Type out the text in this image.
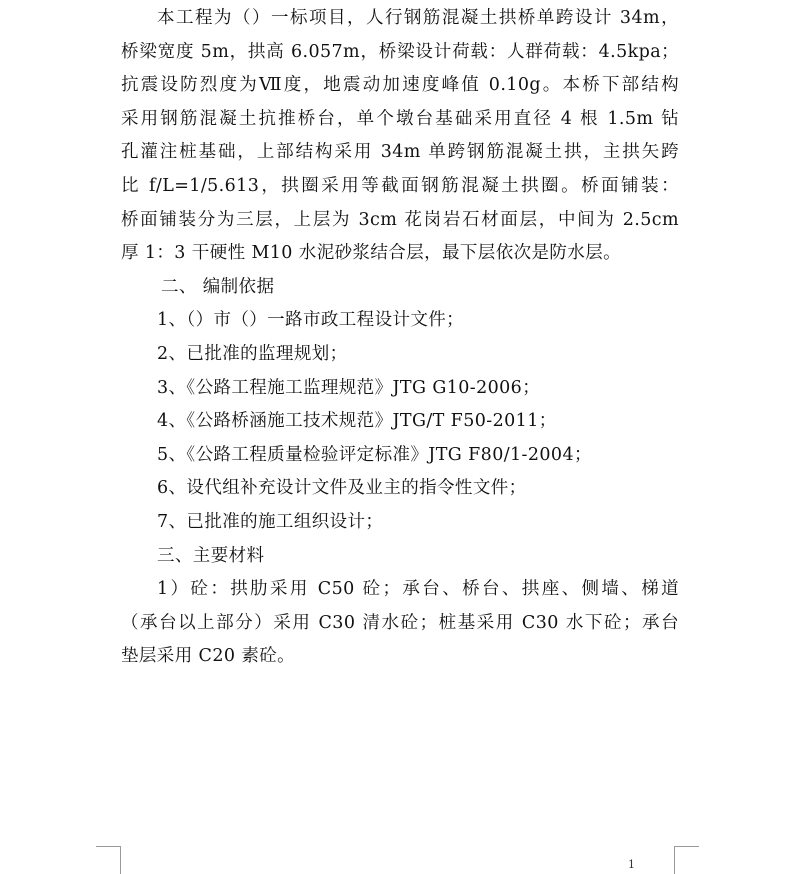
本工程为（）一标项目，人行钢筋混凝土拱桥单跨设计 34m，
桥梁宽度 5m，拱高 6.057m，桥梁设计荷载：人群荷载：4.5kpa；
抗震设防烈度为Ⅶ度，地震动加速度峰值 0.10g。本桥下部结构
采用钢筋混凝土抗推桥台，单个墩台基础采用直径 4 根 1.5m 钻
孔灌注桩基础，上部结构采用 34m 单跨钢筋混凝土拱，主拱矢跨
比 f/L=1/5.613，拱圈采用等截面钢筋混凝土拱圈。桥面铺装：
桥面铺装分为三层，上层为 3cm 花岗岩石材面层，中间为 2.5cm
厚 1：3 干硬性 M10 水泥砂浆结合层，最下层依次是防水层。
二、 编制依据
1、（）市（）一路市政工程设计文件；
2、已批准的监理规划；
3、《公路工程施工监理规范》JTG G10-2006；
4、《公路桥涵施工技术规范》JTG/T F50-2011；
5、《公路工程质量检验评定标准》JTG F80/1-2004；
6、设代组补充设计文件及业主的指令性文件；
7、已批准的施工组织设计；
三、主要材料
1）砼：拱肋采用 C50 砼；承台、桥台、拱座、侧墙、梯道
（承台以上部分）采用 C30 清水砼；桩基采用 C30 水下砼；承台
垫层采用 C20 素砼。
1
